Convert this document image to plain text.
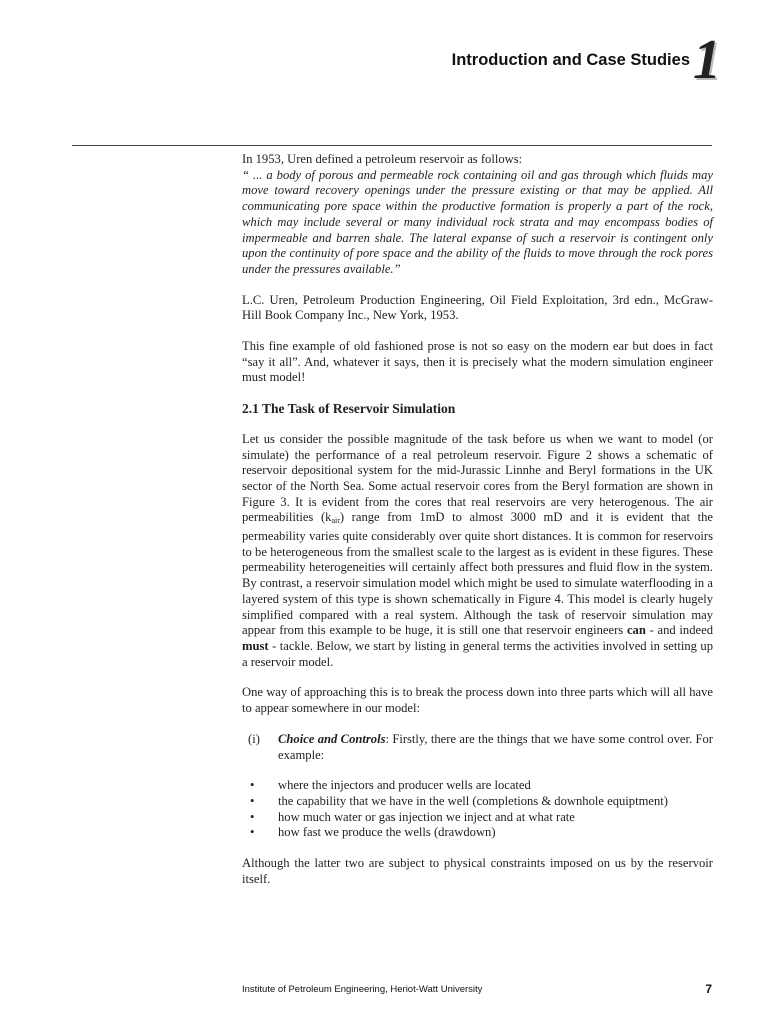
Introduction and Case Studies 1

In 1953, Uren defined a petroleum reservoir as follows:

“ ... a body of porous and permeable rock containing oil and gas through which fluids may move toward recovery openings under the pressure existing or that may be applied. All communicating pore space within the productive formation is properly a part of the rock, which may include several or many individual rock strata and may encompass bodies of impermeable and barren shale. The lateral expanse of such a reservoir is contingent only upon the continuity of pore space and the ability of the fluids to move through the rock pores under the pressures available.”

L.C. Uren, Petroleum Production Engineering, Oil Field Exploitation, 3rd edn., McGraw-Hill Book Company Inc., New York, 1953.

This fine example of old fashioned prose is not so easy on the modern ear but does in fact “say it all”. And, whatever it says, then it is precisely what the modern simulation engineer must model!

2.1 The Task of Reservoir Simulation

Let us consider the possible magnitude of the task before us when we want to model (or simulate) the performance of a real petroleum reservoir. Figure 2 shows a schematic of reservoir depositional system for the mid-Jurassic Linnhe and Beryl formations in the UK sector of the North Sea. Some actual reservoir cores from the Beryl formation are shown in Figure 3. It is evident from the cores that real reservoirs are very heterogenous. The air permeabilities $(k_{air})$ range from 1mD to almost 3000 mD and it is evident that the permeability varies quite considerably over quite short distances. It is common for reservoirs to be heterogeneous from the smallest scale to the largest as is evident in these figures. These permeability heterogeneities will certainly affect both pressures and fluid flow in the system. By contrast, a reservoir simulation model which might be used to simulate waterflooding in a layered system of this type is shown schematically in Figure 4. This model is clearly hugely simplified compared with a real system. Although the task of reservoir simulation may appear from this example to be huge, it is still one that reservoir engineers can - and indeed must - tackle. Below, we start by listing in general terms the activities involved in setting up a reservoir model.

One way of approaching this is to break the process down into three parts which will all have to appear somewhere in our model:

(i) Choice and Controls: Firstly, there are the things that we have some control over. For example:

• where the injectors and producer wells are located
• the capability that we have in the well (completions & downhole equiptment)
• how much water or gas injection we inject and at what rate
• how fast we produce the wells (drawdown)

Although the latter two are subject to physical constraints imposed on us by the reservoir itself.

Institute of Petroleum Engineering, Heriot-Watt University	7
